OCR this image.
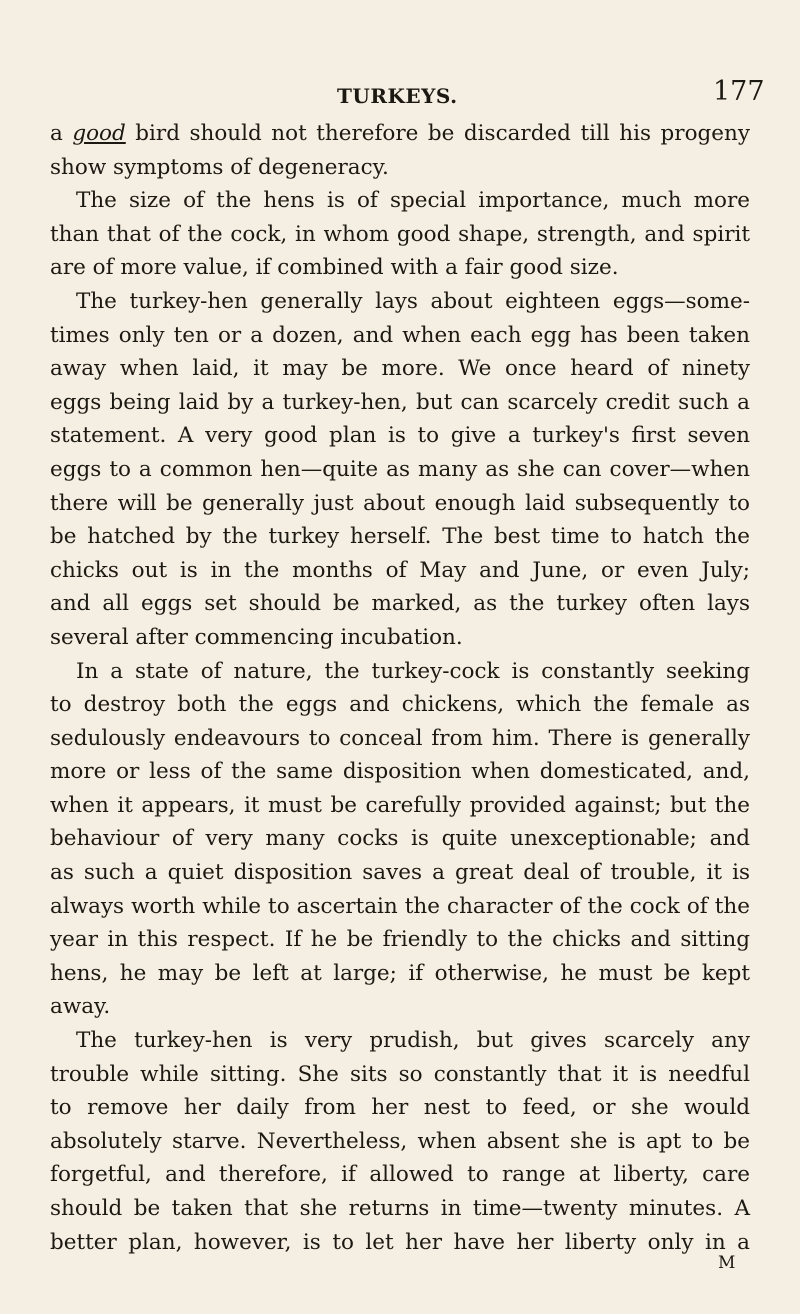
TURKEYS.	177

a good bird should not therefore be discarded till his progeny
show symptoms of degeneracy.
The size of the hens is of special importance, much more
than that of the cock, in whom good shape, strength, and spirit
are of more value, if combined with a fair good size.
The turkey-hen generally lays about eighteen eggs—some-
times only ten or a dozen, and when each egg has been taken
away when laid, it may be more. We once heard of ninety
eggs being laid by a turkey-hen, but can scarcely credit such a
statement. A very good plan is to give a turkey's first seven
eggs to a common hen—quite as many as she can cover—when
there will be generally just about enough laid subsequently to
be hatched by the turkey herself. The best time to hatch the
chicks out is in the months of May and June, or even July;
and all eggs set should be marked, as the turkey often lays
several after commencing incubation.
In a state of nature, the turkey-cock is constantly seeking
to destroy both the eggs and chickens, which the female as
sedulously endeavours to conceal from him. There is generally
more or less of the same disposition when domesticated, and,
when it appears, it must be carefully provided against; but the
behaviour of very many cocks is quite unexceptionable; and
as such a quiet disposition saves a great deal of trouble, it is
always worth while to ascertain the character of the cock of the
year in this respect. If he be friendly to the chicks and sitting
hens, he may be left at large; if otherwise, he must be kept
away.
The turkey-hen is very prudish, but gives scarcely any
trouble while sitting. She sits so constantly that it is needful
to remove her daily from her nest to feed, or she would
absolutely starve. Nevertheless, when absent she is apt to be
forgetful, and therefore, if allowed to range at liberty, care
should be taken that she returns in time—twenty minutes. A
better plan, however, is to let her have her liberty only in a

M
